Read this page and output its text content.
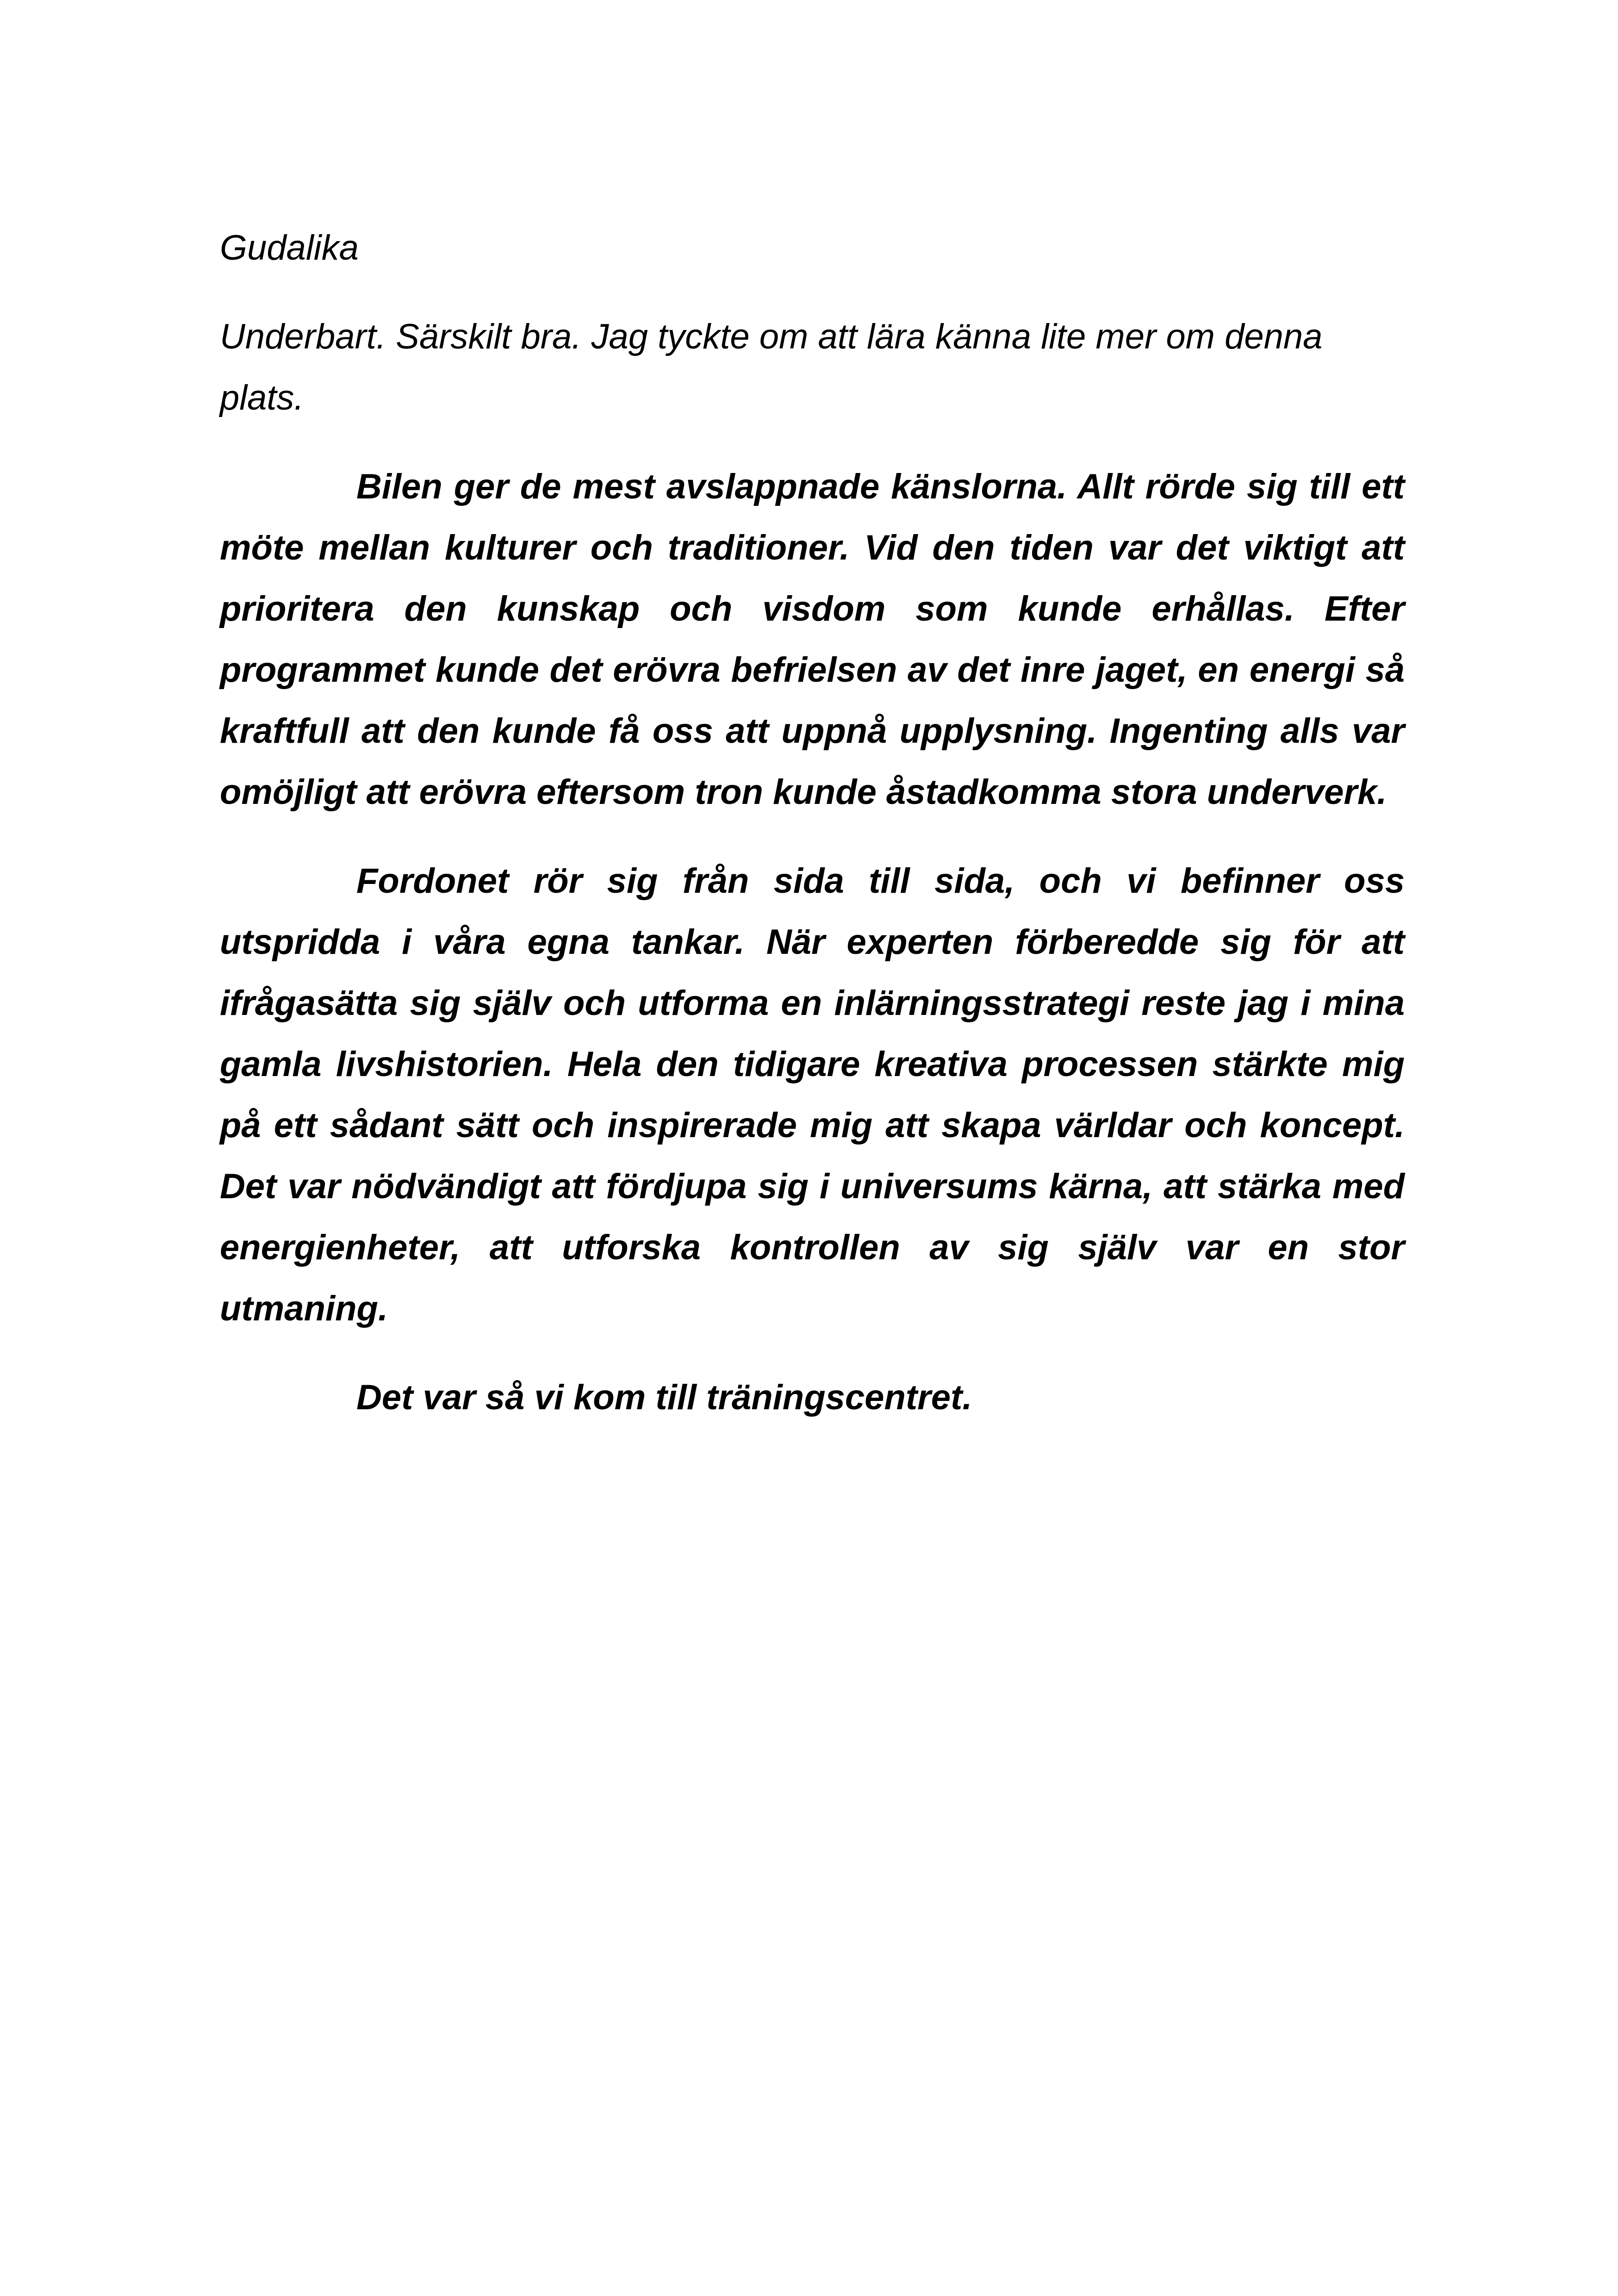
Gudalika

Underbart. Särskilt bra. Jag tyckte om att lära känna lite mer om denna plats.

Bilen ger de mest avslappnade känslorna. Allt rörde sig till ett möte mellan kulturer och traditioner. Vid den tiden var det viktigt att prioritera den kunskap och visdom som kunde erhållas. Efter programmet kunde det erövra befrielsen av det inre jaget, en energi så kraftfull att den kunde få oss att uppnå upplysning. Ingenting alls var omöjligt att erövra eftersom tron kunde åstadkomma stora underverk.

Fordonet rör sig från sida till sida, och vi befinner oss utspridda i våra egna tankar. När experten förberedde sig för att ifrågasätta sig själv och utforma en inlärningsstrategi reste jag i mina gamla livshistorien. Hela den tidigare kreativa processen stärkte mig på ett sådant sätt och inspirerade mig att skapa världar och koncept. Det var nödvändigt att fördjupa sig i universums kärna, att stärka med energienheter, att utforska kontrollen av sig själv var en stor utmaning.

Det var så vi kom till träningscentret.
